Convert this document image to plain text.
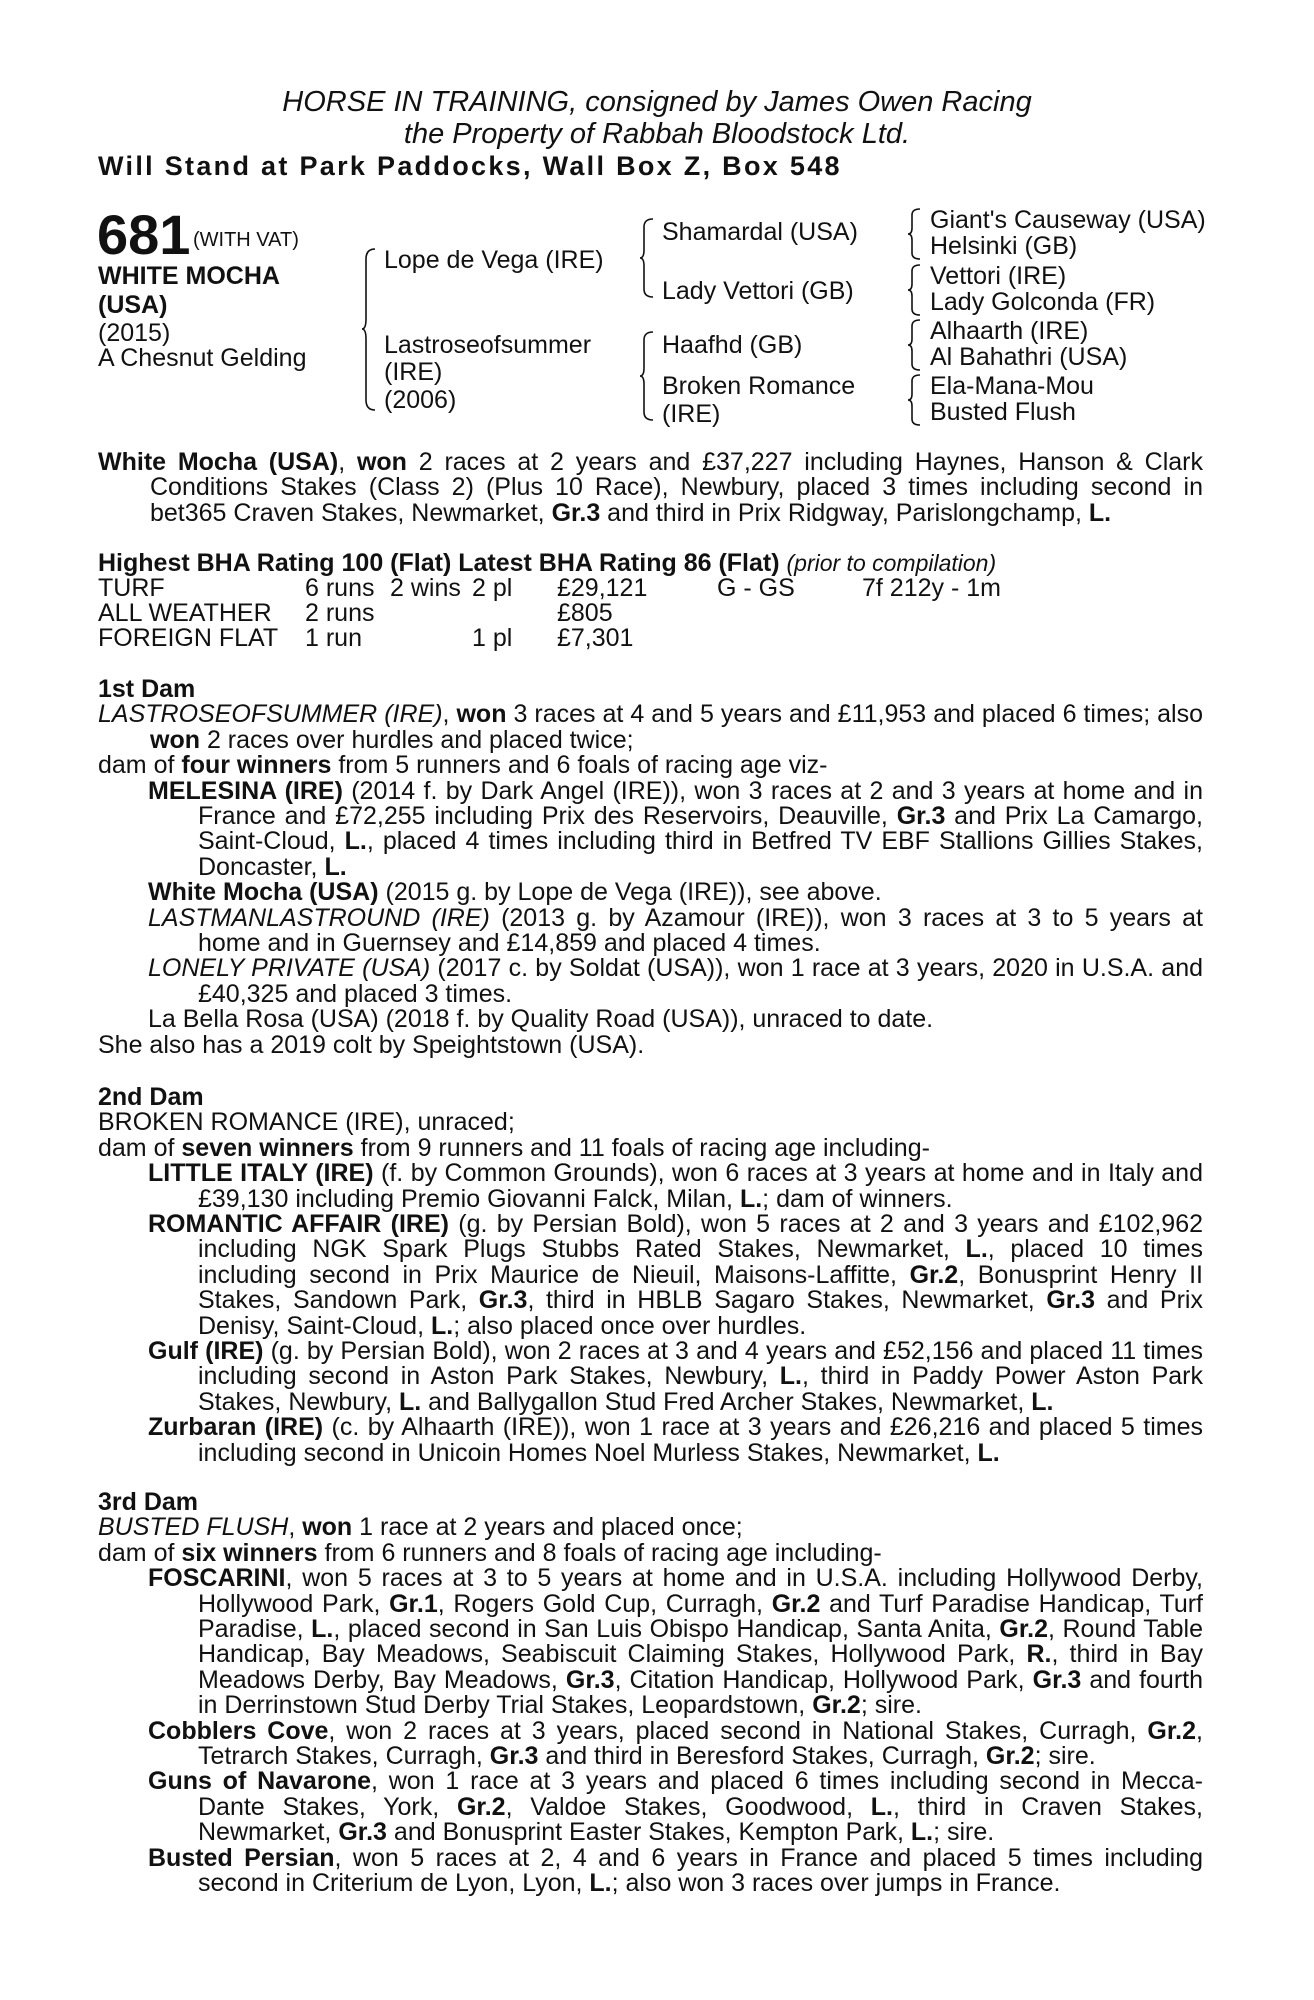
HORSE IN TRAINING, consigned by James Owen Racing
the Property of Rabbah Bloodstock Ltd.
Will Stand at Park Paddocks, Wall Box Z, Box 548
681 (WITH VAT)
WHITE MOCHA
(USA)
(2015)
A Chesnut Gelding
Lope de Vega (IRE)
Lastroseofsummer
(IRE)
(2006)
Shamardal (USA)
Lady Vettori (GB)
Haafhd (GB)
Broken Romance
(IRE)
Giant's Causeway (USA)
Helsinki (GB)
Vettori (IRE)
Lady Golconda (FR)
Alhaarth (IRE)
Al Bahathri (USA)
Ela-Mana-Mou
Busted Flush

White Mocha (USA), won 2 races at 2 years and £37,227 including Haynes, Hanson & Clark Conditions Stakes (Class 2) (Plus 10 Race), Newbury, placed 3 times including second in bet365 Craven Stakes, Newmarket, Gr.3 and third in Prix Ridgway, Parislongchamp, L.

Highest BHA Rating 100 (Flat) Latest BHA Rating 86 (Flat) (prior to compilation)
TURF	6 runs 2 wins 2 pl £29,121	G - GS	7f 212y - 1m
ALL WEATHER 2 runs	£805
FOREIGN FLAT 1 run	1 pl £7,301

1st Dam

LASTROSEOFSUMMER (IRE), won 3 races at 4 and 5 years and £11,953 and placed 6 times; also won 2 races over hurdles and placed twice;

dam of four winners from 5 runners and 6 foals of racing age viz-

MELESINA (IRE) (2014 f. by Dark Angel (IRE)), won 3 races at 2 and 3 years at home and in France and £72,255 including Prix des Reservoirs, Deauville, Gr.3 and Prix La Camargo, Saint-Cloud, L., placed 4 times including third in Betfred TV EBF Stallions Gillies Stakes, Doncaster, L.

White Mocha (USA) (2015 g. by Lope de Vega (IRE)), see above.

LASTMANLASTROUND (IRE) (2013 g. by Azamour (IRE)), won 3 races at 3 to 5 years at home and in Guernsey and £14,859 and placed 4 times.

LONELY PRIVATE (USA) (2017 c. by Soldat (USA)), won 1 race at 3 years, 2020 in U.S.A. and £40,325 and placed 3 times.

La Bella Rosa (USA) (2018 f. by Quality Road (USA)), unraced to date.

She also has a 2019 colt by Speightstown (USA).

2nd Dam

BROKEN ROMANCE (IRE), unraced;

dam of seven winners from 9 runners and 11 foals of racing age including-

LITTLE ITALY (IRE) (f. by Common Grounds), won 6 races at 3 years at home and in Italy and £39,130 including Premio Giovanni Falck, Milan, L.; dam of winners.

ROMANTIC AFFAIR (IRE) (g. by Persian Bold), won 5 races at 2 and 3 years and £102,962 including NGK Spark Plugs Stubbs Rated Stakes, Newmarket, L., placed 10 times including second in Prix Maurice de Nieuil, Maisons-Laffitte, Gr.2, Bonusprint Henry II Stakes, Sandown Park, Gr.3, third in HBLB Sagaro Stakes, Newmarket, Gr.3 and Prix Denisy, Saint-Cloud, L.; also placed once over hurdles.

Gulf (IRE) (g. by Persian Bold), won 2 races at 3 and 4 years and £52,156 and placed 11 times including second in Aston Park Stakes, Newbury, L., third in Paddy Power Aston Park Stakes, Newbury, L. and Ballygallon Stud Fred Archer Stakes, Newmarket, L.

Zurbaran (IRE) (c. by Alhaarth (IRE)), won 1 race at 3 years and £26,216 and placed 5 times including second in Unicoin Homes Noel Murless Stakes, Newmarket, L.

3rd Dam

BUSTED FLUSH, won 1 race at 2 years and placed once;

dam of six winners from 6 runners and 8 foals of racing age including-

FOSCARINI, won 5 races at 3 to 5 years at home and in U.S.A. including Hollywood Derby, Hollywood Park, Gr.1, Rogers Gold Cup, Curragh, Gr.2 and Turf Paradise Handicap, Turf Paradise, L., placed second in San Luis Obispo Handicap, Santa Anita, Gr.2, Round Table Handicap, Bay Meadows, Seabiscuit Claiming Stakes, Hollywood Park, R., third in Bay Meadows Derby, Bay Meadows, Gr.3, Citation Handicap, Hollywood Park, Gr.3 and fourth in Derrinstown Stud Derby Trial Stakes, Leopardstown, Gr.2; sire.

Cobblers Cove, won 2 races at 3 years, placed second in National Stakes, Curragh, Gr.2, Tetrarch Stakes, Curragh, Gr.3 and third in Beresford Stakes, Curragh, Gr.2; sire.

Guns of Navarone, won 1 race at 3 years and placed 6 times including second in Mecca-Dante Stakes, York, Gr.2, Valdoe Stakes, Goodwood, L., third in Craven Stakes, Newmarket, Gr.3 and Bonusprint Easter Stakes, Kempton Park, L.; sire.

Busted Persian, won 5 races at 2, 4 and 6 years in France and placed 5 times including second in Criterium de Lyon, Lyon, L.; also won 3 races over jumps in France.
